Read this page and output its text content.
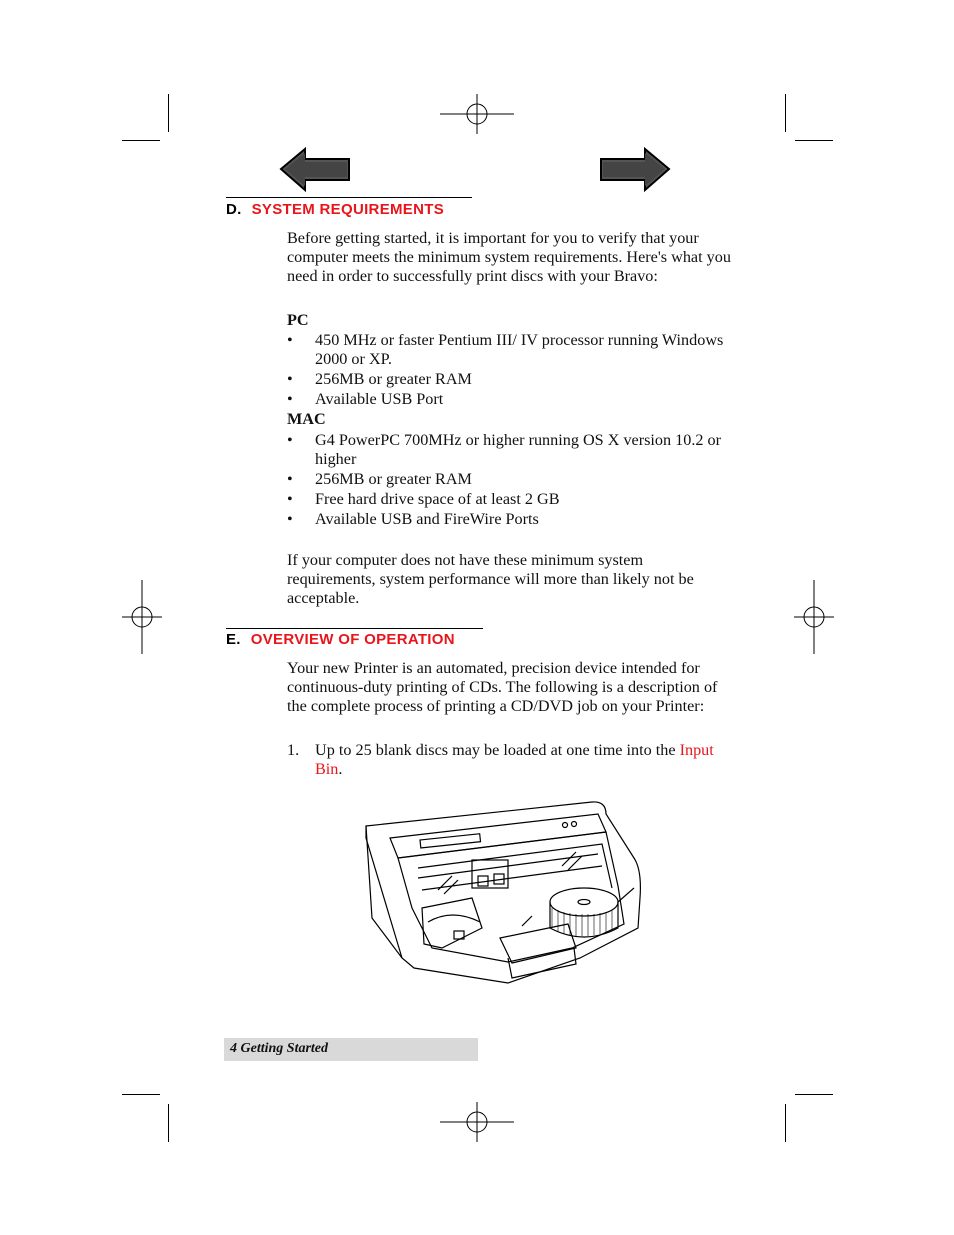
D. SYSTEM REQUIREMENTS
Before getting started, it is important for you to verify that your computer meets the minimum system requirements. Here's what you need in order to successfully print discs with your Bravo:
PC
• 450 MHz or faster Pentium III/ IV processor running Windows 2000 or XP.
• 256MB or greater RAM
• Available USB Port
MAC
• G4 PowerPC 700MHz or higher running OS X version 10.2 or higher
• 256MB or greater RAM
• Free hard drive space of at least 2 GB
• Available USB and FireWire Ports
If your computer does not have these minimum system requirements, system performance will more than likely not be acceptable.
E. OVERVIEW OF OPERATION
Your new Printer is an automated, precision device intended for continuous-duty printing of CDs. The following is a description of the complete process of printing a CD/DVD job on your Printer:
1. Up to 25 blank discs may be loaded at one time into the Input Bin.
4 Getting Started
